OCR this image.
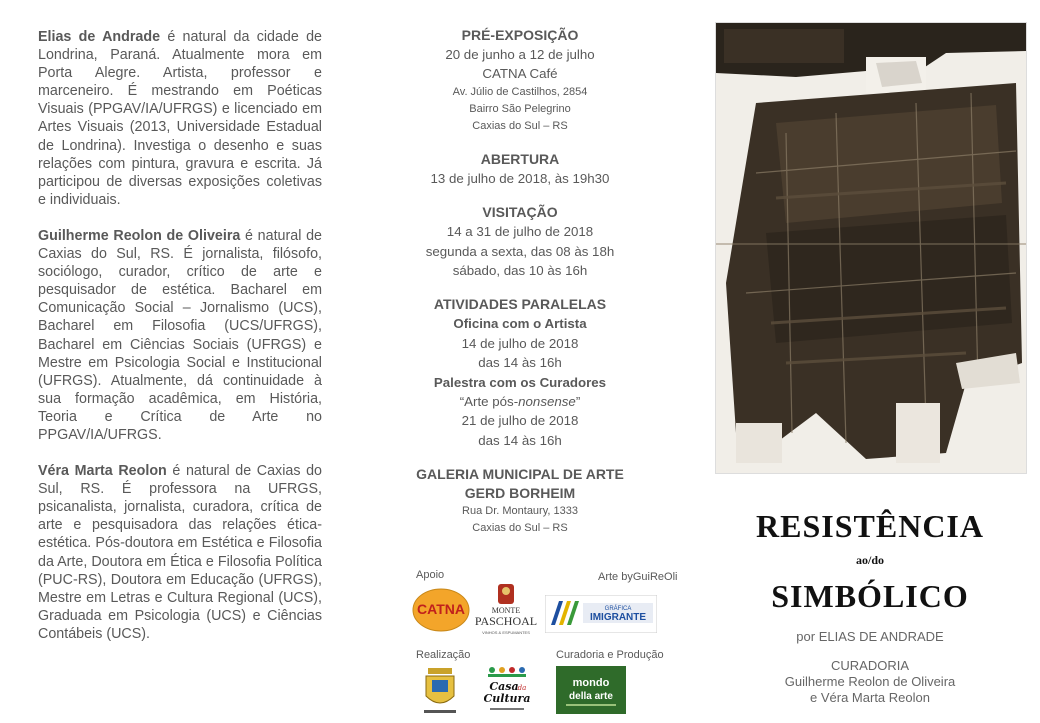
Elias de Andrade é natural da cidade de Londrina, Paraná. Atualmente mora em Porta Alegre. Artista, professor e marceneiro. É mestrando em Poéticas Visuais (PPGAV/IA/UFRGS) e licenciado em Artes Visuais (2013, Universidade Estadual de Londrina). Investiga o desenho e suas relações com pintura, gravura e escrita. Já participou de diversas exposições coletivas e individuais.

Guilherme Reolon de Oliveira é natural de Caxias do Sul, RS. É jornalista, filósofo, sociólogo, curador, crítico de arte e pesquisador de estética. Bacharel em Comunicação Social – Jornalismo (UCS), Bacharel em Filosofia (UCS/UFRGS), Bacharel em Ciências Sociais (UFRGS) e Mestre em Psicologia Social e Institucional (UFRGS). Atualmente, dá continuidade à sua formação acadêmica, em História, Teoria e Crítica de Arte no PPGAV/IA/UFRGS.

Véra Marta Reolon é natural de Caxias do Sul, RS. É professora na UFRGS, psicanalista, jornalista, curadora, crítica de arte e pesquisadora das relações ética-estética. Pós-doutora em Estética e Filosofia da Arte, Doutora em Ética e Filosofia Política (PUC-RS), Doutora em Educação (UFRGS), Mestre em Letras e Cultura Regional (UCS), Graduada em Psicologia (UCS) e Ciências Contábeis (UCS).

PRÉ-EXPOSIÇÃO
20 de junho a 12 de julho
CATNA Café
Av. Júlio de Castilhos, 2854
Bairro São Pelegrino
Caxias do Sul – RS
ABERTURA
13 de julho de 2018, às 19h30
VISITAÇÃO
14 a 31 de julho de 2018
segunda a sexta, das 08 às 18h
sábado, das 10 às 16h
ATIVIDADES PARALELAS
Oficina com o Artista
14 de julho de 2018
das 14 às 16h
Palestra com os Curadores
“Arte pós-nonsense”
21 de julho de 2018
das 14 às 16h
GALERIA MUNICIPAL DE ARTE
GERD BORHEIM
Rua Dr. Montaury, 1333
Caxias do Sul – RS
Apoio	Arte byGuiReOli
CATNA	MONTE
PASCHOAL
VINHOS & ESPUMANTES
GRÁFICA
IMIGRANTE
Realização	Curadoria e Produção
Casa da
Cultura
mondo
della arte
RESISTÊNCIA
ao/do
SIMBÓLICO
por ELIAS DE ANDRADE
CURADORIA
Guilherme Reolon de Oliveira
e Véra Marta Reolon
